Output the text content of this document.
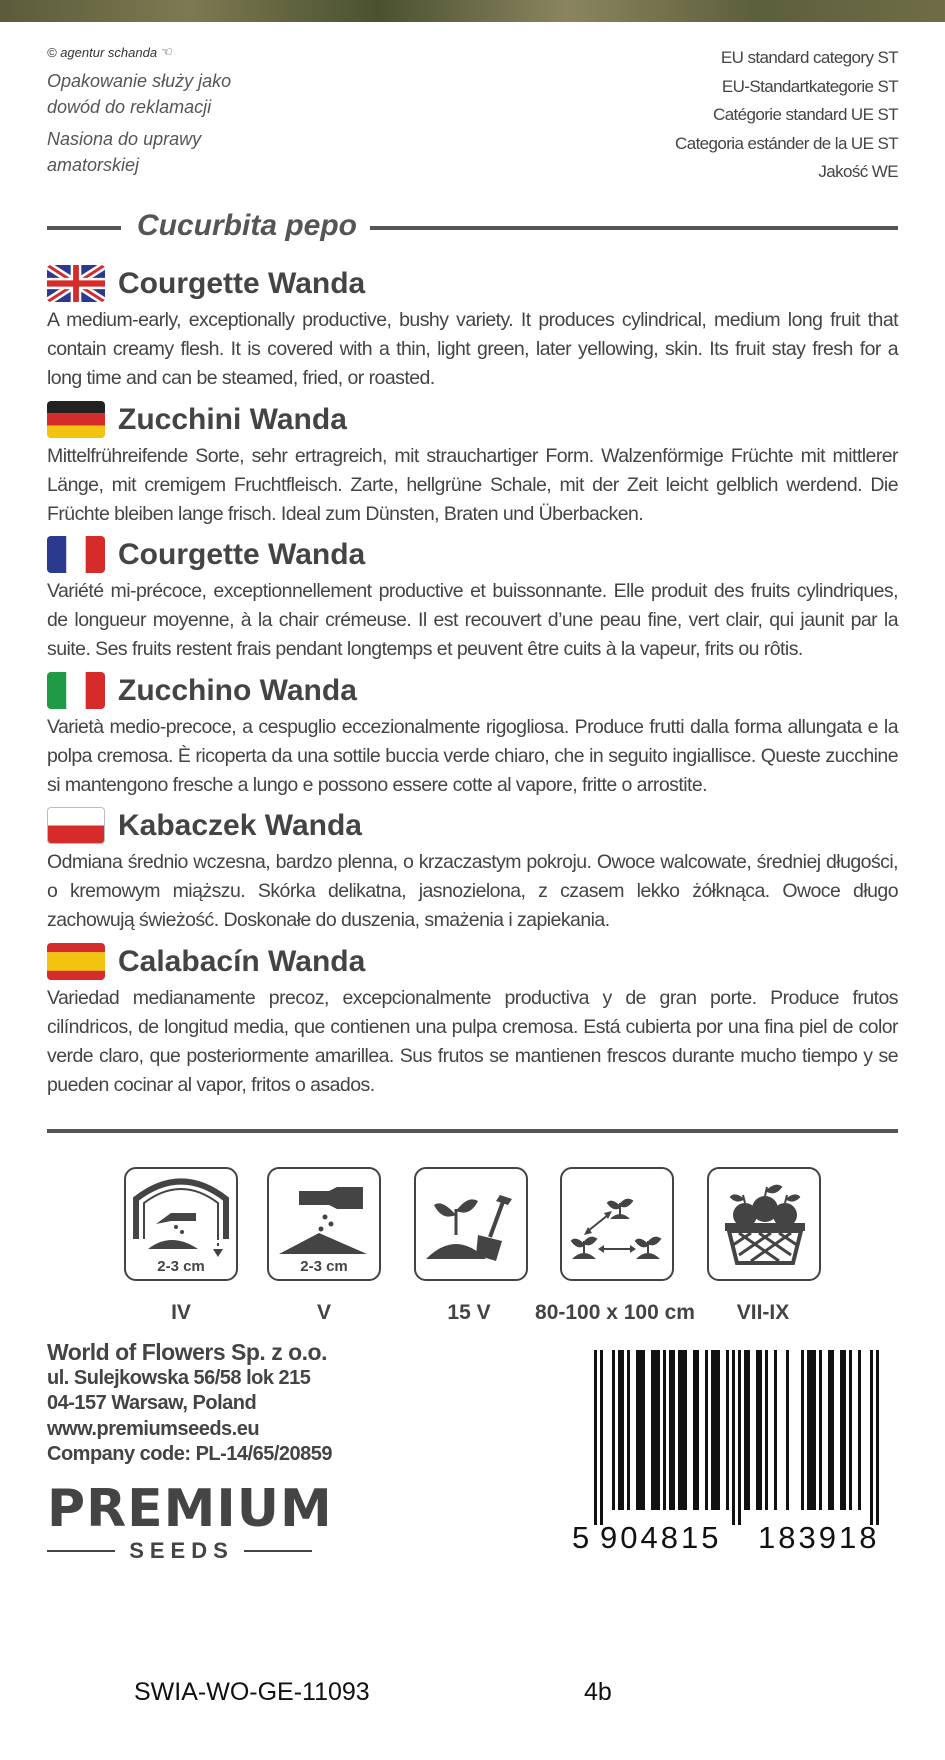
© agentur schanda ☜

Opakowanie służy jako dowód do reklamacji

Nasiona do uprawy amatorskiej

EU standard category ST
EU-Standartkategorie ST
Catégorie standard UE ST
Categoria estánder de la UE ST
Jakość WE
Cucurbita pepo
Courgette Wanda

A medium-early, exceptionally productive, bushy variety. It produces cylindrical, medium long fruit that contain creamy flesh. It is covered with a thin, light green, later yellowing, skin. Its fruit stay fresh for a long time and can be steamed, fried, or roasted.

Zucchini Wanda

Mittelfrühreifende Sorte, sehr ertragreich, mit strauchartiger Form. Walzenförmige Früchte mit mittlerer Länge, mit cremigem Fruchtfleisch. Zarte, hellgrüne Schale, mit der Zeit leicht gelblich werdend. Die Früchte bleiben lange frisch. Ideal zum Dünsten, Braten und Überbacken.

Courgette Wanda

Variété mi-précoce, exceptionnellement productive et buissonnante. Elle produit des fruits cylindriques, de longueur moyenne, à la chair crémeuse. Il est recouvert d’une peau fine, vert clair, qui jaunit par la suite. Ses fruits restent frais pendant longtemps et peuvent être cuits à la vapeur, frits ou rôtis.

Zucchino Wanda

Varietà medio-precoce, a cespuglio eccezionalmente rigogliosa. Produce frutti dalla forma allungata e la polpa cremosa. È ricoperta da una sottile buccia verde chiaro, che in seguito ingiallisce. Queste zucchine si mantengono fresche a lungo e possono essere cotte al vapore, fritte o arrostite.

Kabaczek Wanda

Odmiana średnio wczesna, bardzo plenna, o krzaczastym pokroju. Owoce walcowate, średniej długości, o kremowym miąższu. Skórka delikatna, jasnozielona, z czasem lekko żółknąca. Owoce długo zachowują świeżość. Doskonałe do duszenia, smażenia i zapiekania.

Calabacín Wanda

Variedad medianamente precoz, excepcionalmente productiva y de gran porte. Produce frutos cilíndricos, de longitud media, que contienen una pulpa cremosa. Está cubierta por una fina piel de color verde claro, que posteriormente amarillea. Sus frutos se mantienen frescos durante mucho tiempo y se pueden cocinar al vapor, fritos o asados.

2-3 cm	2-3 cm
IV	V	15 V	80-100 x 100 cm	VII-IX
World of Flowers Sp. z o.o.
ul. Sulejkowska 56/58 lok 215
04-157 Warsaw, Poland
www.premiumseeds.eu
Company code: PL-14/65/20859
PREMIUM
SEEDS	5 904815 183918
SWIA-WO-GE-11093	4b
